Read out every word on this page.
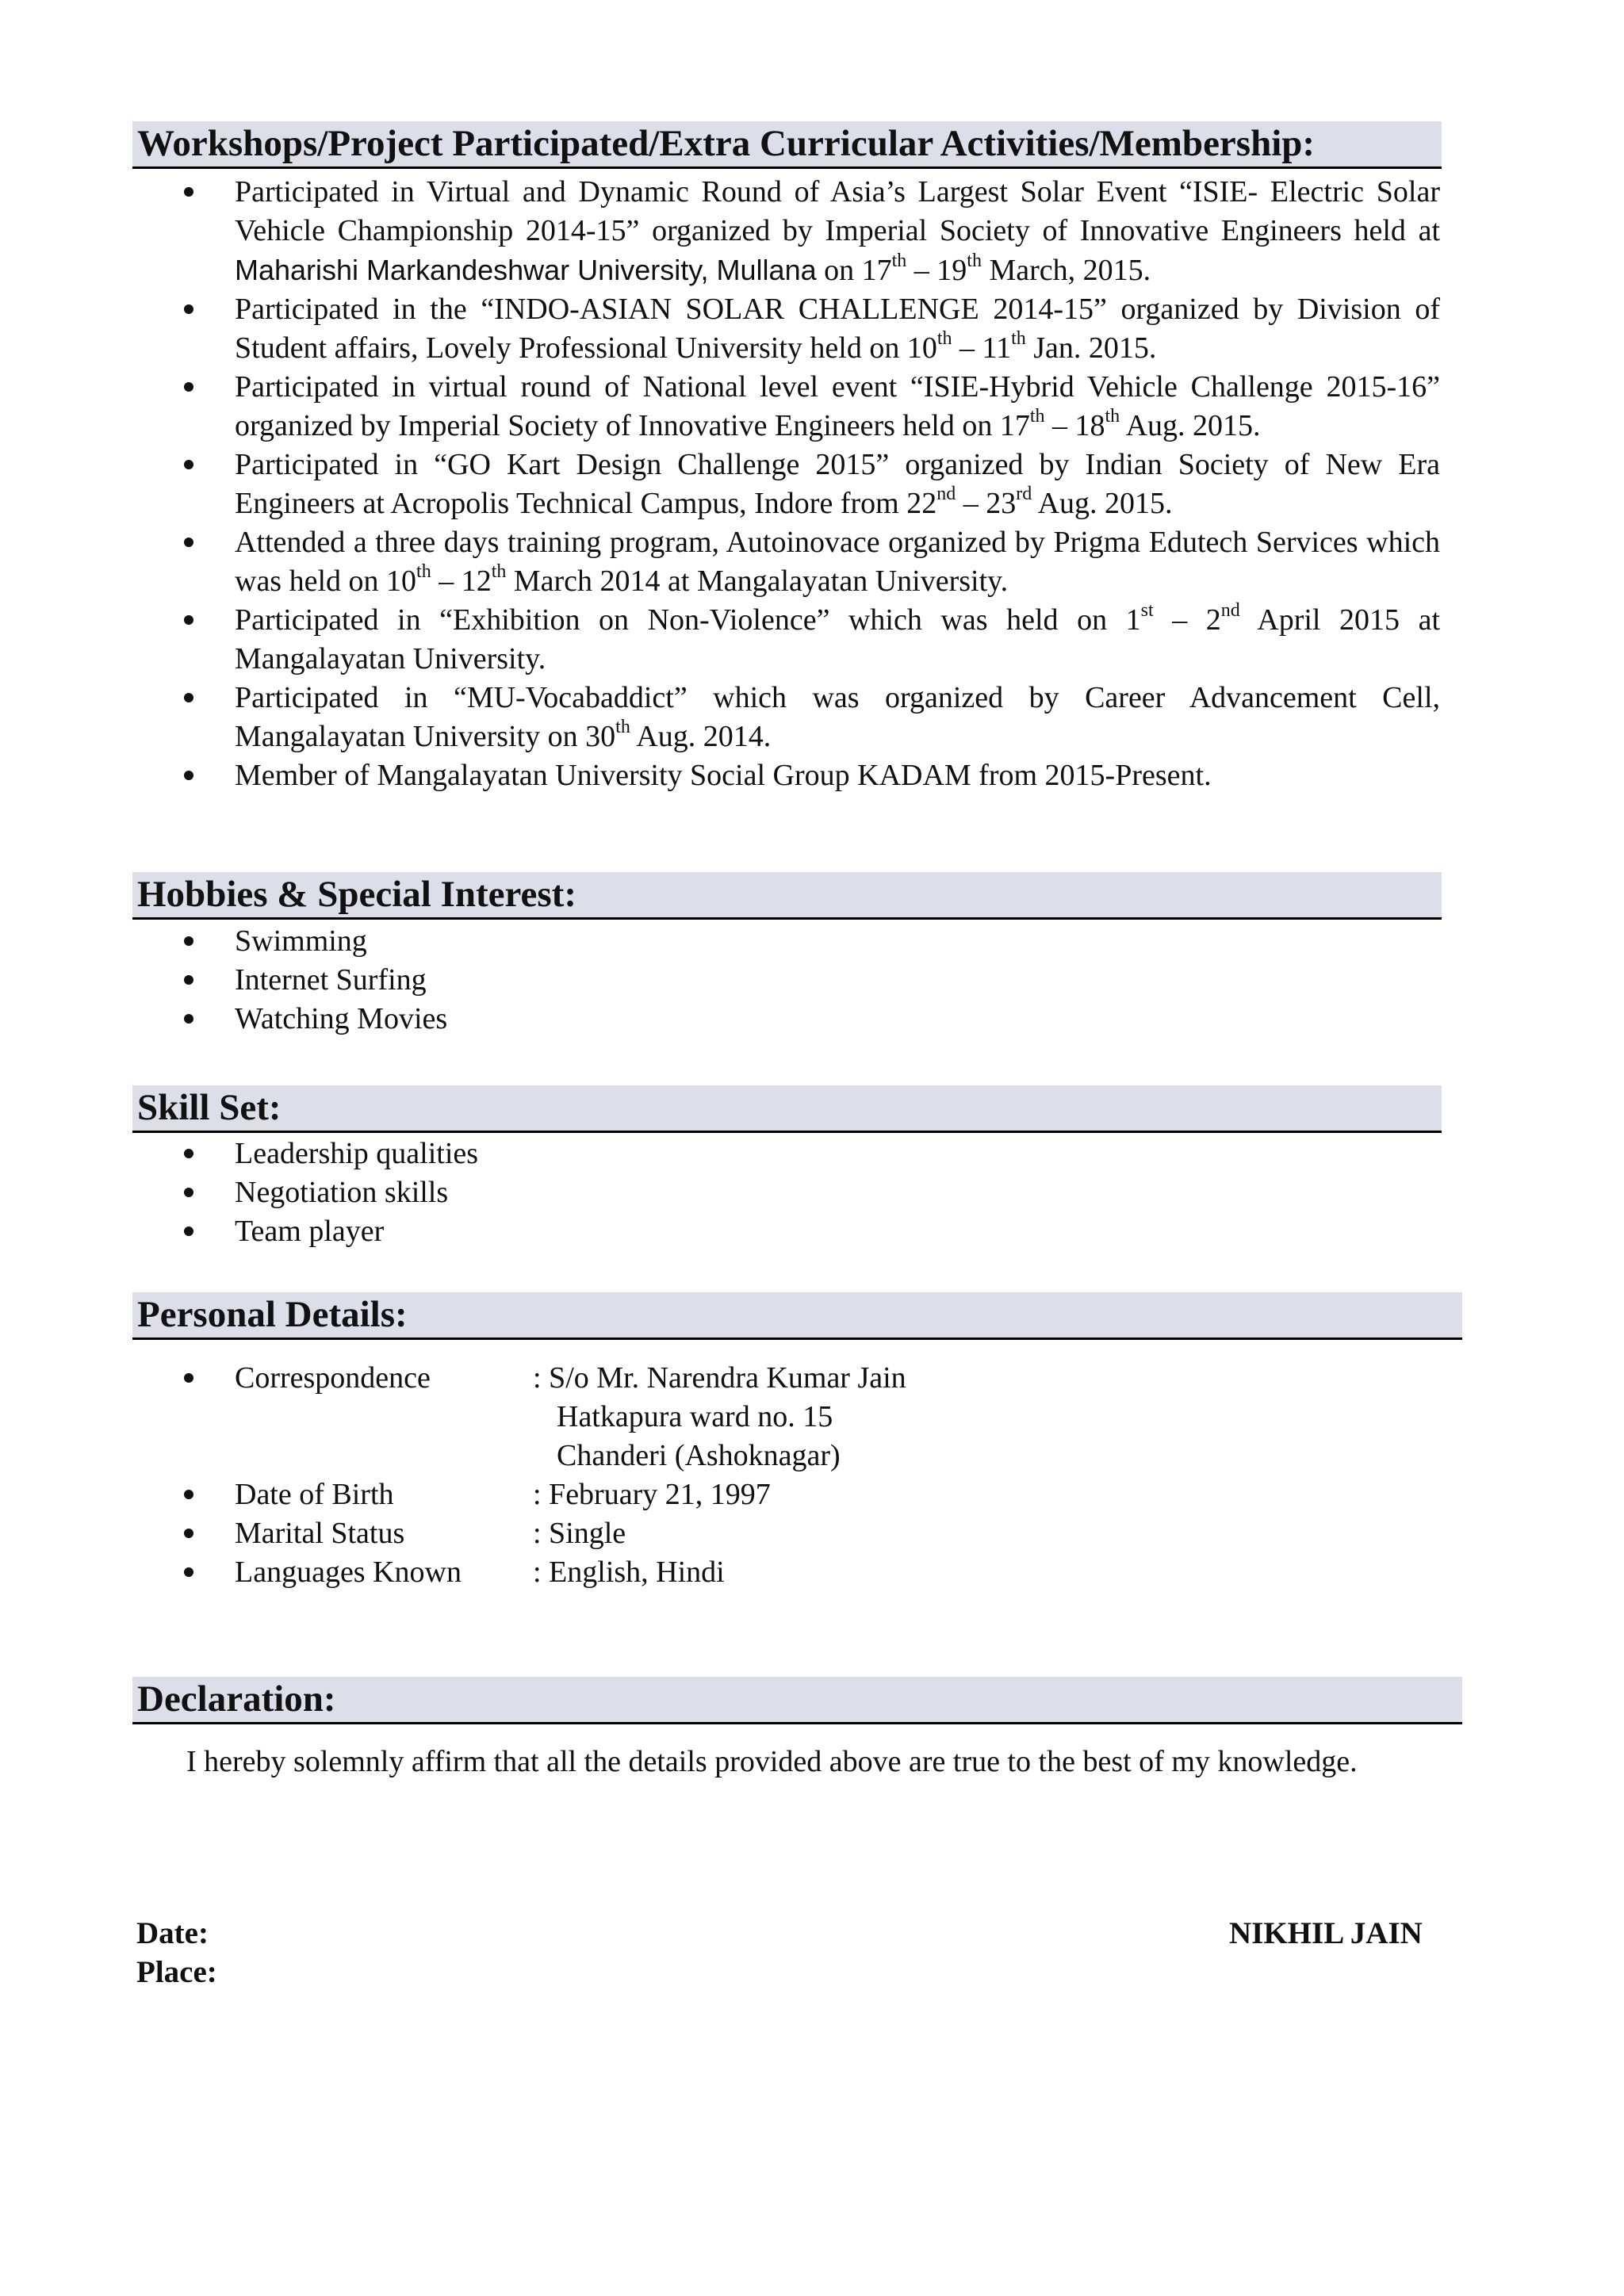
Workshops/Project Participated/Extra Curricular Activities/Membership:
Participated in Virtual and Dynamic Round of Asia’s Largest Solar Event “ISIE- Electric Solar Vehicle Championship 2014-15” organized by Imperial Society of Innovative Engineers held at Maharishi Markandeshwar University, Mullana on 17th – 19th March, 2015.
Participated in the “INDO-ASIAN SOLAR CHALLENGE 2014-15” organized by Division of Student affairs, Lovely Professional University held on 10th – 11th Jan. 2015.
Participated in virtual round of National level event “ISIE-Hybrid Vehicle Challenge 2015-16” organized by Imperial Society of Innovative Engineers held on 17th – 18th Aug. 2015.
Participated in “GO Kart Design Challenge 2015” organized by Indian Society of New Era Engineers at Acropolis Technical Campus, Indore from 22nd – 23rd Aug. 2015.
Attended a three days training program, Autoinovace organized by Prigma Edutech Services which was held on 10th – 12th March 2014 at Mangalayatan University.
Participated in “Exhibition on Non-Violence” which was held on 1st – 2nd April 2015 at Mangalayatan University.
Participated in “MU-Vocabaddict” which was organized by Career Advancement Cell, Mangalayatan University on 30th Aug. 2014.
Member of Mangalayatan University Social Group KADAM from 2015-Present.
Hobbies & Special Interest:
Swimming
Internet Surfing
Watching Movies
Skill Set:
Leadership qualities
Negotiation skills
Team player
Personal Details:
Correspondence	: S/o Mr. Narendra Kumar Jain
Hatkapura ward no. 15
Chanderi (Ashoknagar)
Date of Birth	: February 21, 1997
Marital Status	: Single
Languages Known	: English, Hindi
Declaration:
I hereby solemnly affirm that all the details provided above are true to the best of my knowledge.
Date:
Place:
NIKHIL JAIN
